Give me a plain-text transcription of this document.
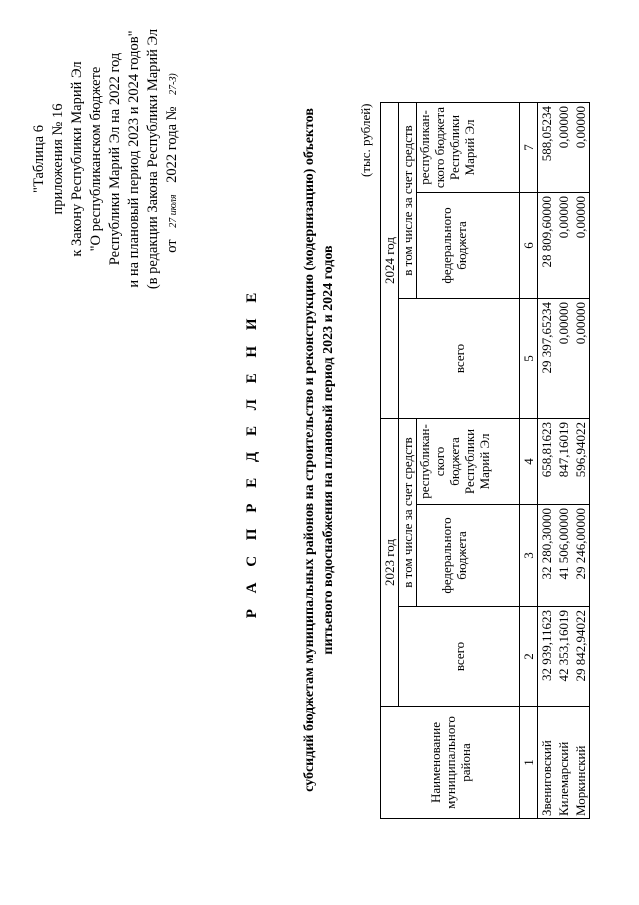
"Таблица 6 приложения № 16 к Закону Республики Марий Эл "О республиканском бюджете Республики Марий Эл на 2022 год и на плановый период 2023 и 2024 годов" (в редакции Закона Республики Марий Эл от 27 июля 2022 года № 27-З)
Р А С П Р Е Д Е Л Е Н И Е	субсидий бюджетам муниципальных районов на строительство и реконструкцию (модернизацию) объектов питьевого водоснабжения на плановый период 2023 и 2024 годов
(тыс. рублей)
Наименование муниципального района	2023 год			2024 год		
	всего	в том числе за счет средств		всего	в том числе за счет средств	
		федерального бюджета	республикан-ского бюджета Республики Марий Эл		федерального бюджета	республикан-ского бюджета Республики Марий Эл
1	2	3	4	5	6	7
Звениговский	32 939,11623	32 280,30000	658,81623	29 397,65234	28 809,60000	588,05234
Килемарский	42 353,16019	41 506,00000	847,16019	0,00000	0,00000	0,00000
Моркинский	29 842,94022	29 246,00000	596,94022	0,00000	0,00000	0,00000
